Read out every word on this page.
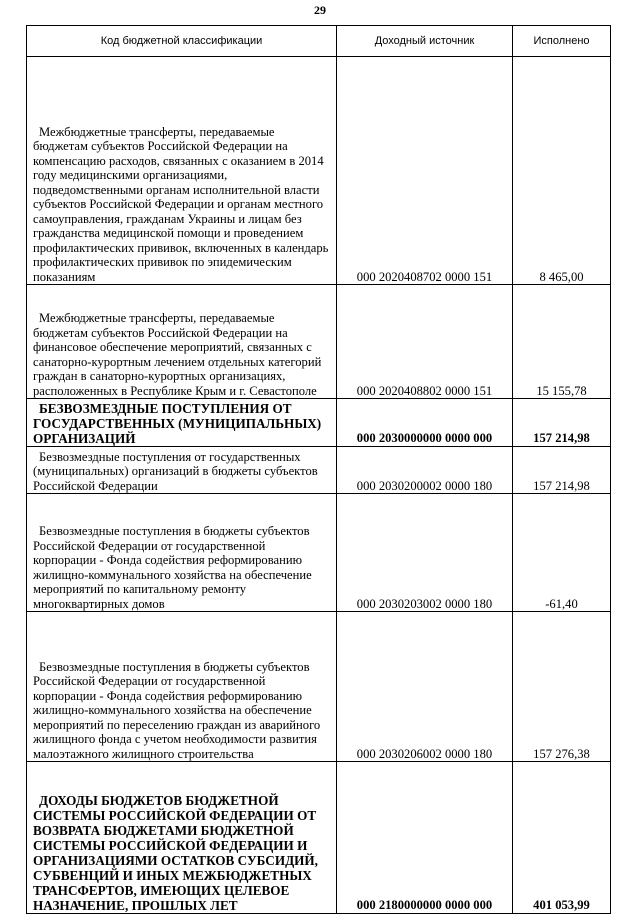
29
Код бюджетной классификации	Доходный источник	Исполнено

Межбюджетные трансферты, передаваемые бюджетам субъектов Российской Федерации на компенсацию расходов, связанных с оказанием в 2014 году медицинскими организациями, подведомственными органам исполнительной власти субъектов Российской Федерации и органам местного самоуправления, гражданам Украины и лицам без гражданства медицинской помощи и проведением профилактических прививок, включенных в календарь профилактических прививок по эпидемическим показаниям	000 2020408702 0000 151	8 465,00

Межбюджетные трансферты, передаваемые бюджетам субъектов Российской Федерации на финансовое обеспечение мероприятий, связанных с санаторно-курортным лечением отдельных категорий граждан в санаторно-курортных организациях, расположенных в Республике Крым и г. Севастополе	000 2020408802 0000 151	15 155,78

БЕЗВОЗМЕЗДНЫЕ ПОСТУПЛЕНИЯ ОТ ГОСУДАРСТВЕННЫХ (МУНИЦИПАЛЬНЫХ) ОРГАНИЗАЦИЙ	000 2030000000 0000 000	157 214,98

Безвозмездные поступления от государственных (муниципальных) организаций в бюджеты субъектов Российской Федерации	000 2030200002 0000 180	157 214,98

Безвозмездные поступления в бюджеты субъектов Российской Федерации от государственной корпорации - Фонда содействия реформированию жилищно-коммунального хозяйства на обеспечение мероприятий по капитальному ремонту многоквартирных домов	000 2030203002 0000 180	-61,40

Безвозмездные поступления в бюджеты субъектов Российской Федерации от государственной корпорации - Фонда содействия реформированию жилищно-коммунального хозяйства на обеспечение мероприятий по переселению граждан из аварийного жилищного фонда с учетом необходимости развития малоэтажного жилищного строительства	000 2030206002 0000 180	157 276,38

ДОХОДЫ БЮДЖЕТОВ БЮДЖЕТНОЙ СИСТЕМЫ РОССИЙСКОЙ ФЕДЕРАЦИИ ОТ ВОЗВРАТА БЮДЖЕТАМИ БЮДЖЕТНОЙ СИСТЕМЫ РОССИЙСКОЙ ФЕДЕРАЦИИ И ОРГАНИЗАЦИЯМИ ОСТАТКОВ СУБСИДИЙ, СУБВЕНЦИЙ И ИНЫХ МЕЖБЮДЖЕТНЫХ ТРАНСФЕРТОВ, ИМЕЮЩИХ ЦЕЛЕВОЕ НАЗНАЧЕНИЕ, ПРОШЛЫХ ЛЕТ	000 2180000000 0000 000	401 053,99
